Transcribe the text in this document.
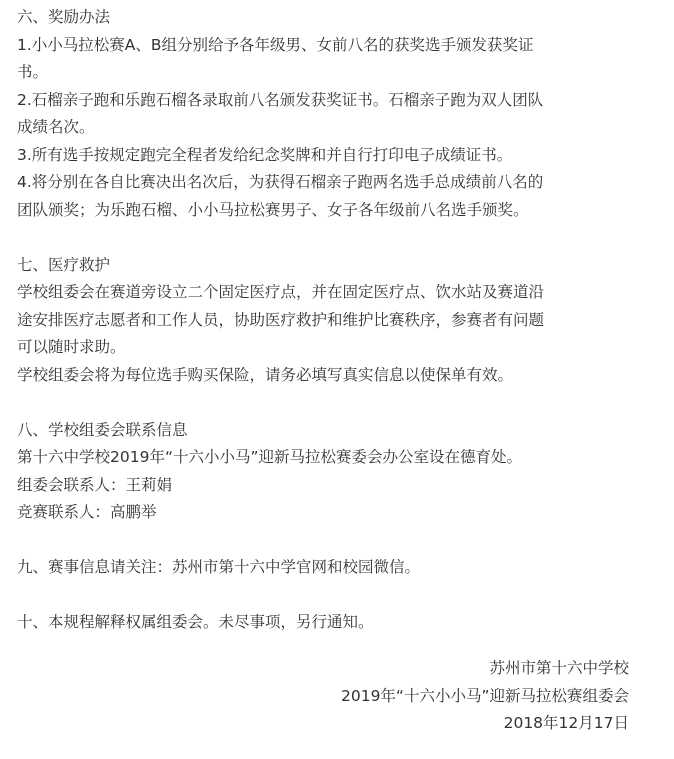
六、奖励办法
1.小小马拉松赛A、B组分别给予各年级男、女前八名的获奖选手颁发获奖证
书。
2.石榴亲子跑和乐跑石榴各录取前八名颁发获奖证书。石榴亲子跑为双人团队
成绩名次。
3.所有选手按规定跑完全程者发给纪念奖牌和并自行打印电子成绩证书。
4.将分别在各自比赛决出名次后，为获得石榴亲子跑两名选手总成绩前八名的
团队颁奖；为乐跑石榴、小小马拉松赛男子、女子各年级前八名选手颁奖。
七、医疗救护
学校组委会在赛道旁设立二个固定医疗点，并在固定医疗点、饮水站及赛道沿
途安排医疗志愿者和工作人员，协助医疗救护和维护比赛秩序，参赛者有问题
可以随时求助。
学校组委会将为每位选手购买保险，请务必填写真实信息以使保单有效。
八、学校组委会联系信息
第十六中学校2019年“十六小小马”迎新马拉松赛委会办公室设在德育处。
组委会联系人：王莉娟
竞赛联系人：高鹏举
九、赛事信息请关注：苏州市第十六中学官网和校园微信。
十、本规程解释权属组委会。未尽事项，另行通知。
苏州市第十六中学校
2019年“十六小小马”迎新马拉松赛组委会
2018年12月17日
